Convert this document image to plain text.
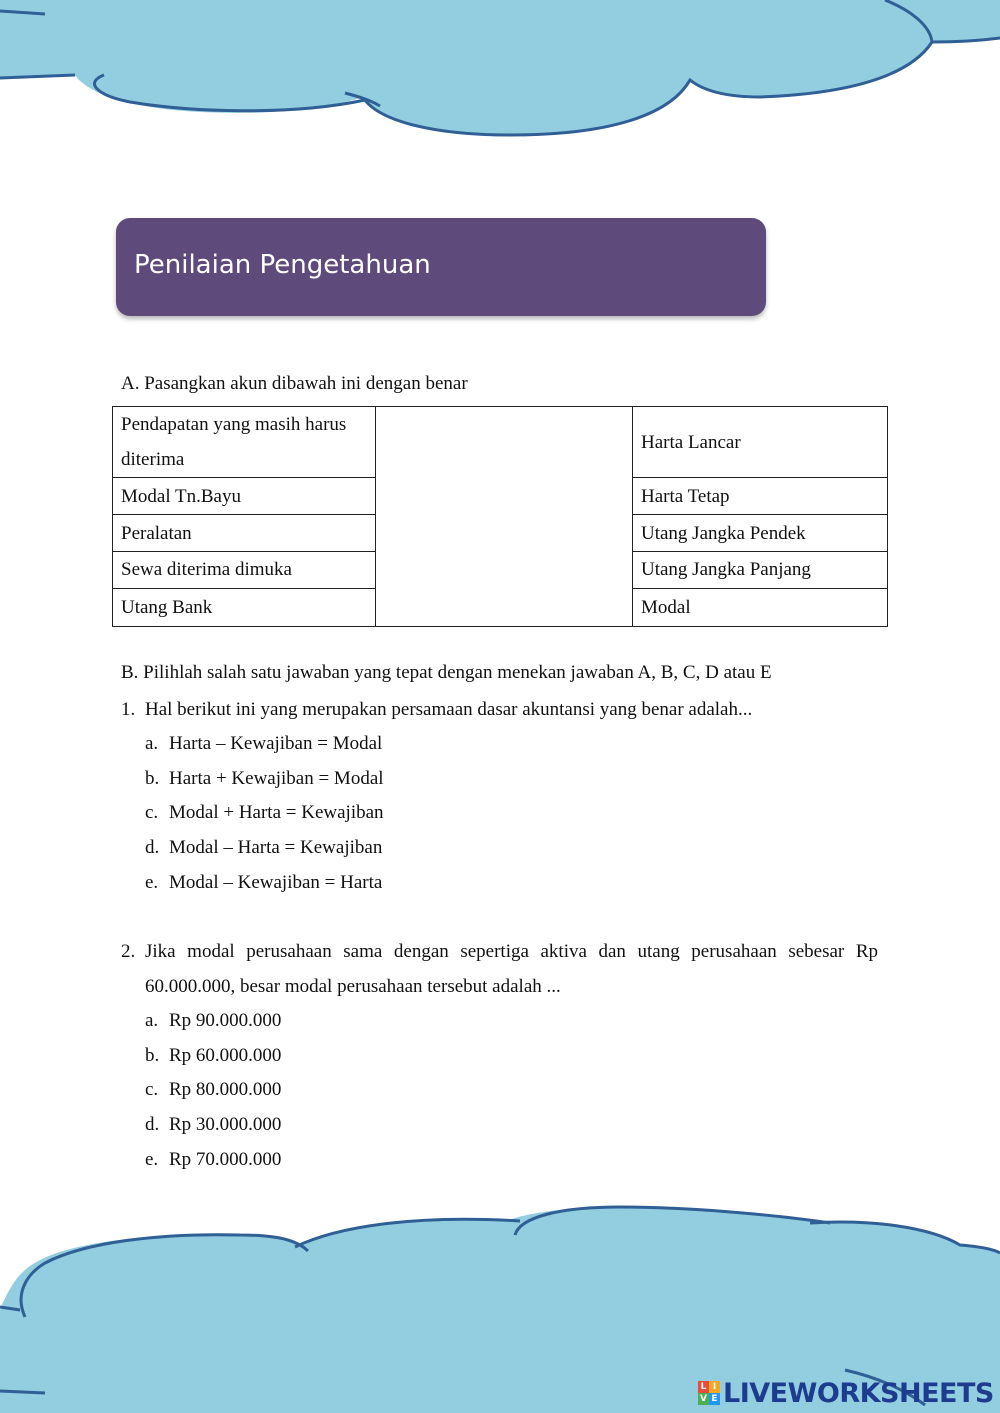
Penilaian Pengetahuan
A. Pasangkan akun dibawah ini dengan benar
Pendapatan yang masih harus diterima		Harta Lancar
Modal Tn.Bayu		Harta Tetap
Peralatan		Utang Jangka Pendek
Sewa diterima dimuka		Utang Jangka Panjang
Utang Bank		Modal
B. Pilihlah salah satu jawaban yang tepat dengan menekan jawaban A, B, C, D atau E
1. Hal berikut ini yang merupakan persamaan dasar akuntansi yang benar adalah...
a. Harta – Kewajiban = Modal
b. Harta + Kewajiban = Modal
c. Modal + Harta = Kewajiban
d. Modal – Harta = Kewajiban
e. Modal – Kewajiban = Harta
2. Jika modal perusahaan sama dengan sepertiga aktiva dan utang perusahaan sebesar Rp 60.000.000, besar modal perusahaan tersebut adalah ...
a. Rp 90.000.000
b. Rp 60.000.000
c. Rp 80.000.000
d. Rp 30.000.000
e. Rp 70.000.000
L I
V E LIVEWORKSHEETS
